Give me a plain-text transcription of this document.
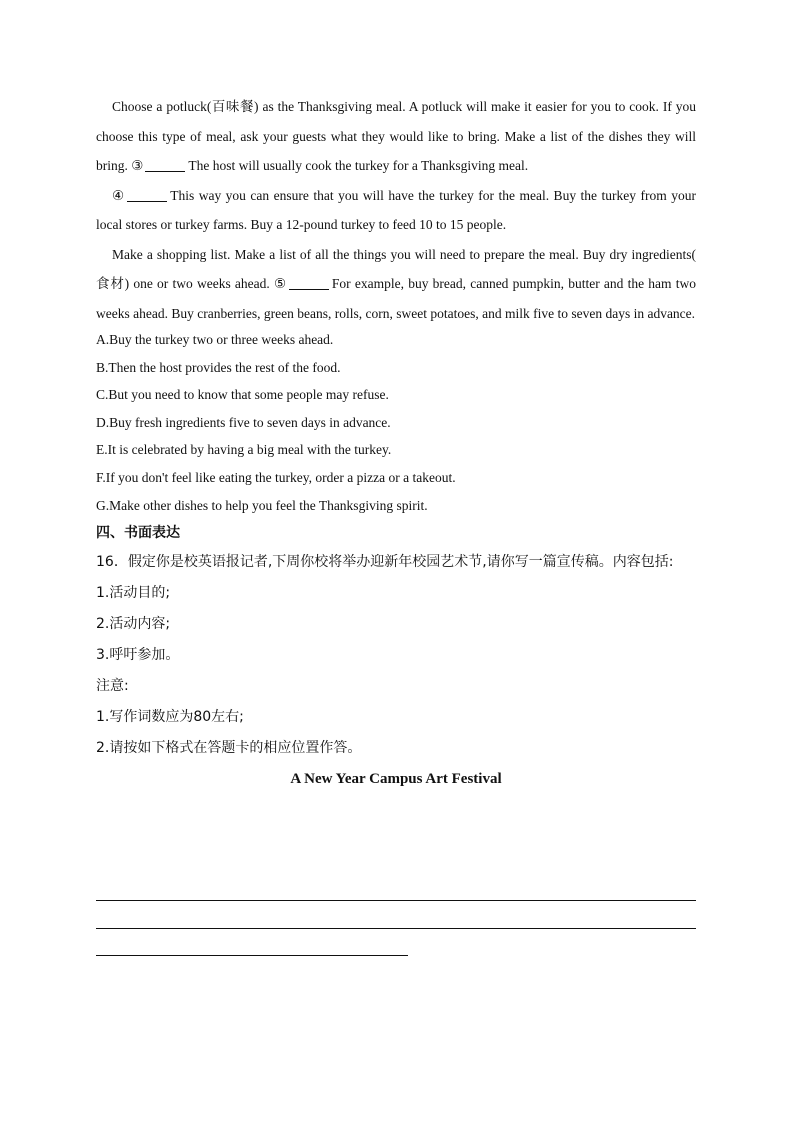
Choose a potluck(百味餐) as the Thanksgiving meal. A potluck will make it easier for you to cook. If you choose this type of meal, ask your guests what they would like to bring. Make a list of the dishes they will bring. ③	The host will usually cook the turkey for a Thanksgiving meal.

④	This way you can ensure that you will have the turkey for the meal. Buy the turkey from your local stores or turkey farms. Buy a 12-pound turkey to feed 10 to 15 people.

Make a shopping list. Make a list of all the things you will need to prepare the meal. Buy dry ingredients( 食材) one or two weeks ahead. ⑤	For example, buy bread, canned pumpkin, butter and the ham two weeks ahead. Buy cranberries, green beans, rolls, corn, sweet potatoes, and milk five to seven days in advance.

A.Buy the turkey two or three weeks ahead.

B.Then the host provides the rest of the food.

C.But you need to know that some people may refuse.

D.Buy fresh ingredients five to seven days in advance.

E.It is celebrated by having a big meal with the turkey.

F.If you don't feel like eating the turkey, order a pizza or a takeout.

G.Make other dishes to help you feel the Thanksgiving spirit.

四、书面表达

16．假定你是校英语报记者,下周你校将举办迎新年校园艺术节,请你写一篇宣传稿。内容包括:

1.活动目的;

2.活动内容;

3.呼吁参加。

注意:

1.写作词数应为80左右;

2.请按如下格式在答题卡的相应位置作答。

A New Year Campus Art Festival
